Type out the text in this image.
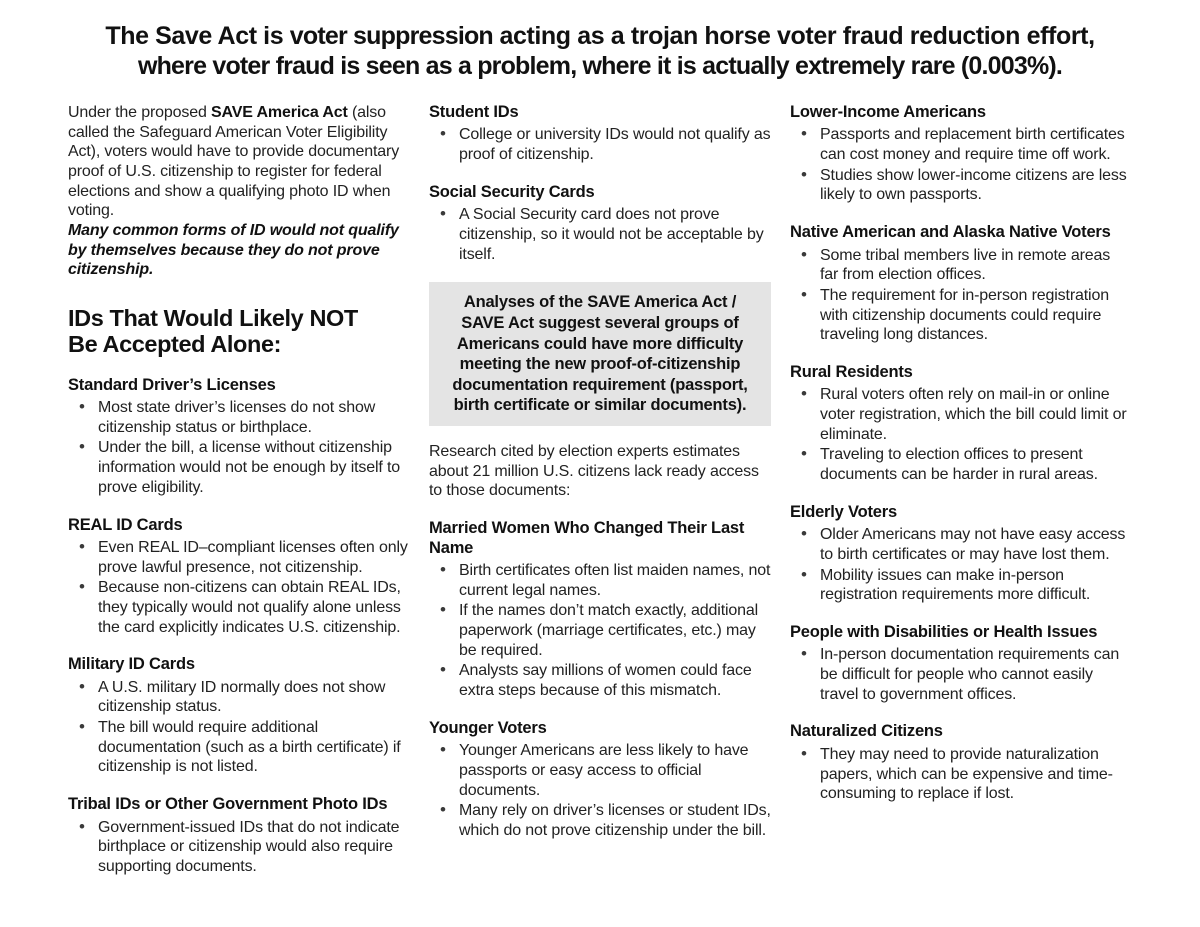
The Save Act is voter suppression acting as a trojan horse voter fraud reduction effort,
where voter fraud is seen as a problem, where it is actually extremely rare (0.003%).

Under the proposed SAVE America Act (also called the Safeguard American Voter Eligibility Act), voters would have to provide documentary proof of U.S. citizenship to register for federal elections and show a qualifying photo ID when voting.
Many common forms of ID would not qualify by themselves because they do not prove citizenship.

IDs That Would Likely NOT Be Accepted Alone:
Standard Driver’s Licenses
• Most state driver’s licenses do not show citizenship status or birthplace.
• Under the bill, a license without citizenship information would not be enough by itself to prove eligibility.
REAL ID Cards
• Even REAL ID–compliant licenses often only prove lawful presence, not citizenship.
• Because non-citizens can obtain REAL IDs, they typically would not qualify alone unless the card explicitly indicates U.S. citizenship.
Military ID Cards
• A U.S. military ID normally does not show citizenship status.
• The bill would require additional documentation (such as a birth certificate) if citizenship is not listed.
Tribal IDs or Other Government Photo IDs
• Government-issued IDs that do not indicate birthplace or citizenship would also require supporting documents.
Student IDs
• College or university IDs would not qualify as proof of citizenship.
Social Security Cards
• A Social Security card does not prove citizenship, so it would not be acceptable by itself.
Analyses of the SAVE America Act / SAVE Act suggest several groups of Americans could have more difficulty meeting the new proof-of-citizenship documentation requirement (passport, birth certificate or similar documents).

Research cited by election experts estimates about 21 million U.S. citizens lack ready access to those documents:

Married Women Who Changed Their Last Name
• Birth certificates often list maiden names, not current legal names.
• If the names don’t match exactly, additional paperwork (marriage certificates, etc.) may be required.
• Analysts say millions of women could face extra steps because of this mismatch.
Younger Voters
• Younger Americans are less likely to have passports or easy access to official documents.
• Many rely on driver’s licenses or student IDs, which do not prove citizenship under the bill.
Lower-Income Americans
• Passports and replacement birth certificates can cost money and require time off work.
• Studies show lower-income citizens are less likely to own passports.
Native American and Alaska Native Voters
• Some tribal members live in remote areas far from election offices.
• The requirement for in-person registration with citizenship documents could require traveling long distances.
Rural Residents
• Rural voters often rely on mail-in or online voter registration, which the bill could limit or eliminate.
• Traveling to election offices to present documents can be harder in rural areas.
Elderly Voters
• Older Americans may not have easy access to birth certificates or may have lost them.
• Mobility issues can make in-person registration requirements more difficult.
People with Disabilities or Health Issues
• In-person documentation requirements can be difficult for people who cannot easily travel to government offices.
Naturalized Citizens
• They may need to provide naturalization papers, which can be expensive and time-consuming to replace if lost.
